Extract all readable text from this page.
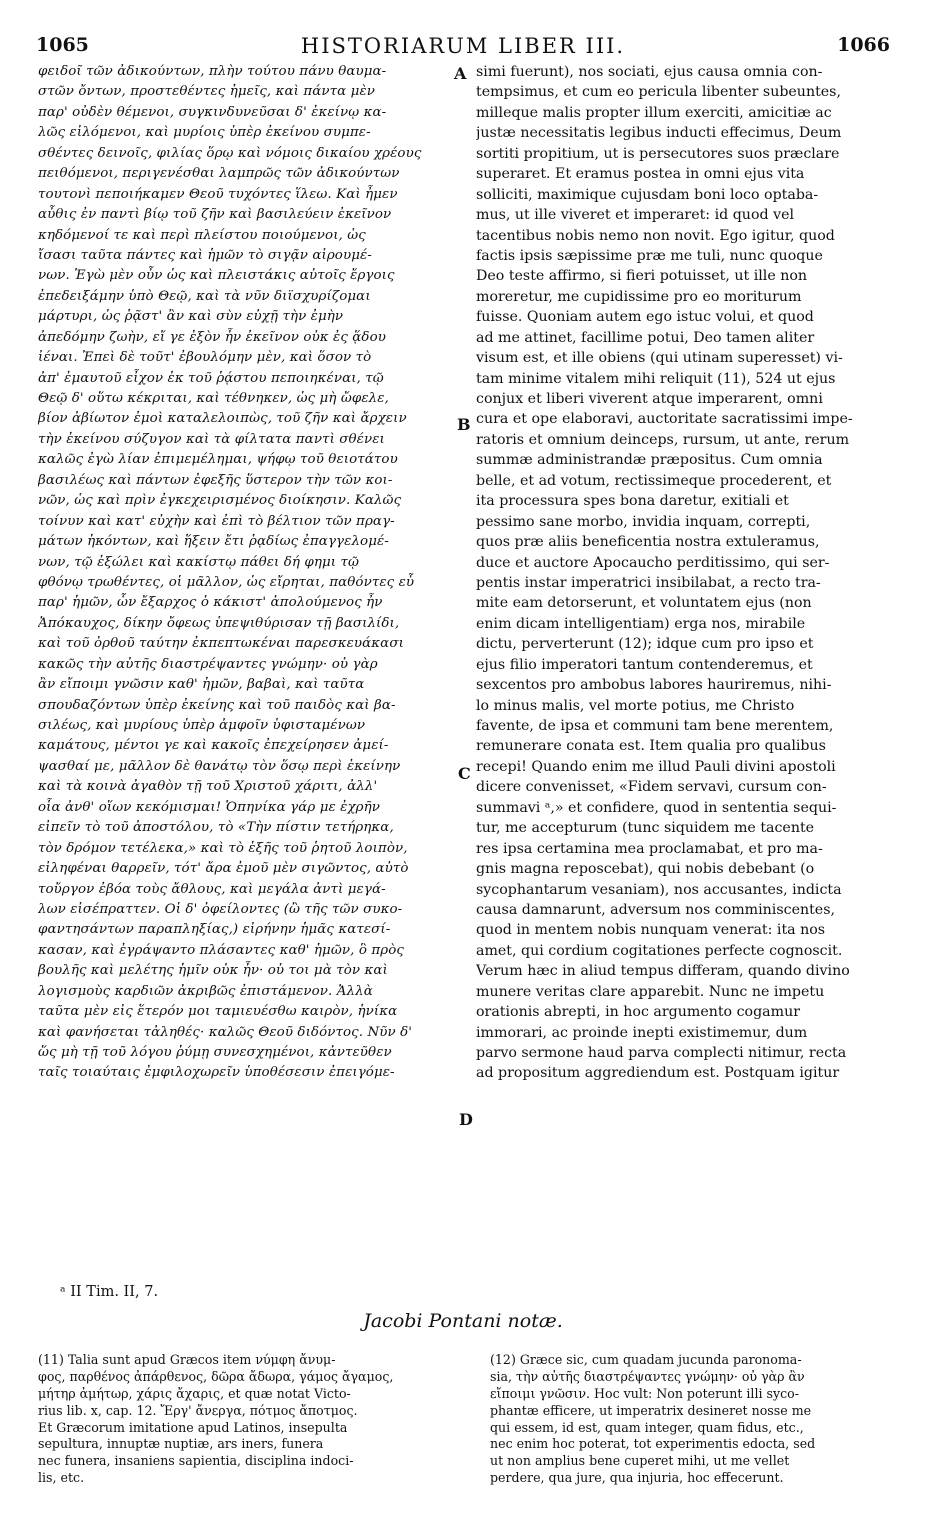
1065	HISTORIARUM LIBER III.	1066
φειδοῖ τῶν ἀδικούντων, πλὴν τούτου πάνυ θαυμα-
στῶν ὄντων, προστεθέντες ἡμεῖς, καὶ πάντα μὲν
παρ' οὐδὲν θέμενοι, συγκινδυνεῦσαι δ' ἐκείνῳ κα-
λῶς εἰλόμενοι, καὶ μυρίοις ὑπὲρ ἐκείνου συμπε-
σθέντες δεινοῖς, φιλίας ὅρῳ καὶ νόμοις δικαίου χρέους
πειθόμενοι, περιγενέσθαι λαμπρῶς τῶν ἀδικούντων
τουτονὶ πεποιήκαμεν Θεοῦ τυχόντες ἵλεω. Καὶ ἦμεν
αὖθις ἐν παντὶ βίῳ τοῦ ζῆν καὶ βασιλεύειν ἐκεῖνον
κηδόμενοί τε καὶ περὶ πλείστου ποιούμενοι, ὡς
ἴσασι ταῦτα πάντες καὶ ἡμῶν τὸ σιγᾷν αἱρουμέ-
νων. Ἐγὼ μὲν οὖν ὡς καὶ πλειστάκις αὐτοῖς ἔργοις
ἐπεδειξάμην ὑπὸ Θεῷ, καὶ τὰ νῦν διϊσχυρίζομαι
μάρτυρι, ὡς ῥᾷστ' ἂν καὶ σὺν εὐχῇ τὴν ἐμὴν
ἀπεδόμην ζωὴν, εἴ γε ἐξὸν ἦν ἐκεῖνον οὐκ ἐς ᾅδου
ἰέναι. Ἐπεὶ δὲ τοῦτ' ἐβουλόμην μὲν, καὶ ὅσον τὸ
ἀπ' ἐμαυτοῦ εἶχον ἐκ τοῦ ῥᾴστου πεποιηκέναι, τῷ
Θεῷ δ' οὕτω κέκριται, καὶ τέθνηκεν, ὡς μὴ ὤφελε,
βίον ἀβίωτον ἐμοὶ καταλελοιπὼς, τοῦ ζῆν καὶ ἄρχειν
τὴν ἐκείνου σύζυγον καὶ τὰ φίλτατα παντὶ σθένει
καλῶς ἐγὼ λίαν ἐπιμεμέλημαι, ψήφῳ τοῦ θειοτάτου
βασιλέως καὶ πάντων ἐφεξῆς ὕστερον τὴν τῶν κοι-
νῶν, ὡς καὶ πρὶν ἐγκεχειρισμένος διοίκησιν. Καλῶς
τοίνυν καὶ κατ' εὐχὴν καὶ ἐπὶ τὸ βέλτιον τῶν πραγ-
μάτων ἡκόντων, καὶ ἥξειν ἔτι ῥᾳδίως ἐπαγγελομέ-
νων, τῷ ἐξώλει καὶ κακίστῳ πάθει δή φημι τῷ
φθόνῳ τρωθέντες, οἱ μᾶλλον, ὡς εἴρηται, παθόντες εὖ
παρ' ἡμῶν, ὧν ἔξαρχος ὁ κάκιστ' ἀπολούμενος ἦν
Ἀπόκαυχος, δίκην ὄφεως ὑπεψιθύρισαν τῇ βασιλίδι,
καὶ τοῦ ὀρθοῦ ταύτην ἐκπεπτωκέναι παρεσκευάκασι
κακῶς τὴν αὐτῆς διαστρέψαντες γνώμην· οὐ γὰρ
ἂν εἴποιμι γνῶσιν καθ' ἡμῶν, βαβαὶ, καὶ ταῦτα
σπουδαζόντων ὑπὲρ ἐκείνης καὶ τοῦ παιδὸς καὶ βα-
σιλέως, καὶ μυρίους ὑπὲρ ἀμφοῖν ὑφισταμένων
καμάτους, μέντοι γε καὶ κακοῖς ἐπεχείρησεν ἀμεί-
ψασθαί με, μᾶλλον δὲ θανάτῳ τὸν ὅσῳ περὶ ἐκείνην
καὶ τὰ κοινὰ ἀγαθὸν τῇ τοῦ Χριστοῦ χάριτι, ἀλλ'
οἷα ἀνθ' οἵων κεκόμισμαι! Ὁπηνίκα γάρ με ἐχρῆν
εἰπεῖν τὸ τοῦ ἀποστόλου, τὸ «Τὴν πίστιν τετήρηκα,
τὸν δρόμον τετέλεκα,» καὶ τὸ ἑξῆς τοῦ ῥητοῦ λοιπὸν,
εἰληφέναι θαρρεῖν, τότ' ἄρα ἐμοῦ μὲν σιγῶντος, αὐτὸ
τοὔργον ἐβόα τοὺς ἄθλους, καὶ μεγάλα ἀντὶ μεγά-
λων εἰσέπραττεν. Οἱ δ' ὀφείλοντες (ὢ τῆς τῶν συκο-
φαντησάντων παραπληξίας,) εἰρήνην ἡμᾶς κατεσί-
κασαν, καὶ ἐγράψαντο πλάσαντες καθ' ἡμῶν, ὃ πρὸς
βουλῆς καὶ μελέτης ἡμῖν οὐκ ἦν· οὐ τοι μὰ τὸν καὶ
λογισμοὺς καρδιῶν ἀκριβῶς ἐπιστάμενον. Ἀλλὰ
ταῦτα μὲν εἰς ἕτερόν μοι ταμιευέσθω καιρὸν, ἡνίκα
καὶ φανήσεται τἀληθές· καλῶς Θεοῦ διδόντος. Νῦν δ'
ὥς μὴ τῇ τοῦ λόγου ῥύμῃ συνεσχημένοι, κἀντεῦθεν
ταῖς τοιαύταις ἐμφιλοχωρεῖν ὑποθέσεσιν ἐπειγόμε-
simi fuerunt), nos sociati, ejus causa omnia con-
tempsimus, et cum eo pericula libenter subeuntes,
milleque malis propter illum exerciti, amicitiæ ac
justæ necessitatis legibus inducti effecimus, Deum
sortiti propitium, ut is persecutores suos præclare
superaret. Et eramus postea in omni ejus vita
solliciti, maximique cujusdam boni loco optaba-
mus, ut ille viveret et imperaret: id quod vel
tacentibus nobis nemo non novit. Ego igitur, quod
factis ipsis sæpissime præ me tuli, nunc quoque
Deo teste affirmo, si fieri potuisset, ut ille non
moreretur, me cupidissime pro eo moriturum
fuisse. Quoniam autem ego istuc volui, et quod
ad me attinet, facillime potui, Deo tamen aliter
visum est, et ille obiens (qui utinam superesset) vi-
tam minime vitalem mihi reliquit (11), 524 ut ejus
conjux et liberi viverent atque imperarent, omni
cura et ope elaboravi, auctoritate sacratissimi impe-
ratoris et omnium deinceps, rursum, ut ante, rerum
summæ administrandæ præpositus. Cum omnia
belle, et ad votum, rectissimeque procederent, et
ita processura spes bona daretur, exitiali et
pessimo sane morbo, invidia inquam, correpti,
quos præ aliis beneficentia nostra extuleramus,
duce et auctore Apocaucho perditissimo, qui ser-
pentis instar imperatrici insibilabat, a recto tra-
mite eam detorserunt, et voluntatem ejus (non
enim dicam intelligentiam) erga nos, mirabile
dictu, perverterunt (12); idque cum pro ipso et
ejus filio imperatori tantum contenderemus, et
sexcentos pro ambobus labores hauriremus, nihi-
lo minus malis, vel morte potius, me Christo
favente, de ipsa et communi tam bene merentem,
remunerare conata est. Item qualia pro qualibus
recepi! Quando enim me illud Pauli divini apostoli
dicere convenisset, «Fidem servavi, cursum con-
summavi ᵃ,» et confidere, quod in sententia sequi-
tur, me accepturum (tunc siquidem me tacente
res ipsa certamina mea proclamabat, et pro ma-
gnis magna reposcebat), qui nobis debebant (o
sycophantarum vesaniam), nos accusantes, indicta
causa damnarunt, adversum nos comminiscentes,
quod in mentem nobis nunquam venerat: ita nos
amet, qui cordium cogitationes perfecte cognoscit.
Verum hæc in aliud tempus differam, quando divino
munere veritas clare apparebit. Nunc ne impetu
orationis abrepti, in hoc argumento cogamur
immorari, ac proinde inepti existimemur, dum
parvo sermone haud parva complecti nitimur, recta
ad propositum aggrediendum est. Postquam igitur
A
B
C
D
ᵃ II Tim. II, 7.
Jacobi Pontani notæ.
(11) Talia sunt apud Græcos item νύμφη ἄνυμ-
φος, παρθένος ἀπάρθενος, δῶρα ἄδωρα, γάμος ἄγαμος,
μήτηρ ἀμήτωρ, χάρις ἄχαρις, et quæ notat Victo-
rius lib. x, cap. 12. Ἔργ' ἄνεργα, πότμος ἄποτμος.
Et Græcorum imitatione apud Latinos, insepulta
sepultura, innuptæ nuptiæ, ars iners, funera
nec funera, insaniens sapientia, disciplina indoci-
lis, etc.
(12) Græce sic, cum quadam jucunda paronoma-
sia, τὴν αὐτῆς διαστρέψαντες γνώμην· οὐ γὰρ ἂν
εἴποιμι γνῶσιν. Hoc vult: Non poterunt illi syco-
phantæ efficere, ut imperatrix desineret nosse me
qui essem, id est, quam integer, quam fidus, etc.,
nec enim hoc poterat, tot experimentis edocta, sed
ut non amplius bene cuperet mihi, ut me vellet
perdere, qua jure, qua injuria, hoc effecerunt.
